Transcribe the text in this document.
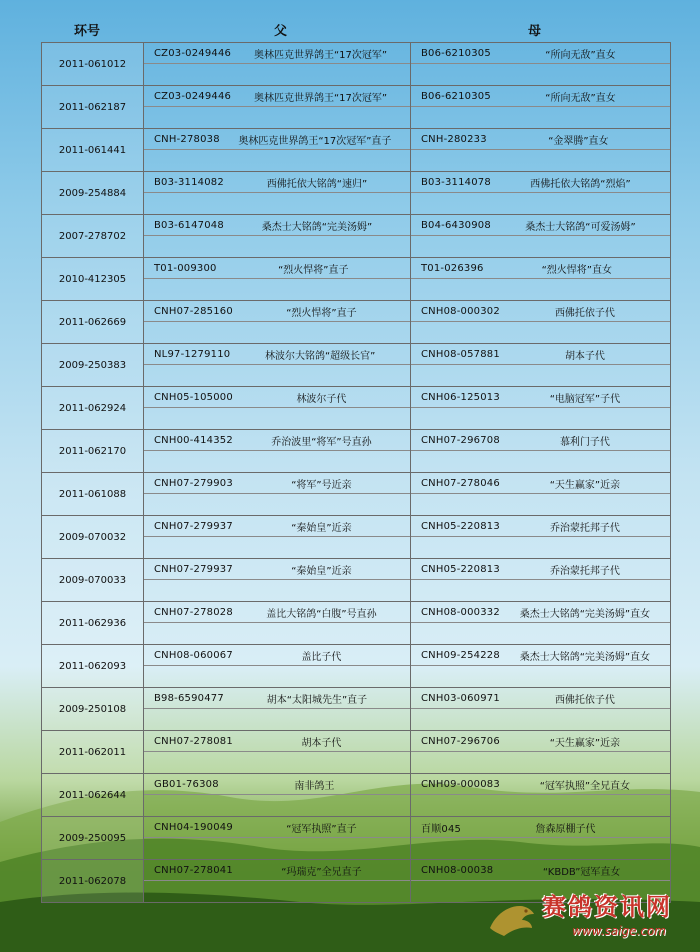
环号	父	母
2011-061012	CZ03-0249446 奥林匹克世界鸽王“17次冠军”	B06-6210305 “所向无敌”直女

2011-062187	CZ03-0249446 奥林匹克世界鸽王“17次冠军”	B06-6210305 “所向无敌”直女

2011-061441	CNH-278038 奥林匹克世界鸽王“17次冠军”直子	CNH-280233 “金翠腾”直女

2009-254884	B03-3114082 西佛托依大铭鸽“速归”	B03-3114078 西佛托依大铭鸽“烈焰”

2007-278702	B03-6147048 桑杰士大铭鸽“完美汤姆”	B04-6430908 桑杰士大铭鸽“可爱汤姆”

2010-412305	T01-009300 “烈火悍将”直子	T01-026396 “烈火悍将”直女

2011-062669	CNH07-285160 “烈火悍将”直子	CNH08-000302 西佛托依子代

2009-250383	NL97-1279110 林波尔大铭鸽“超级长官”	CNH08-057881 胡本子代

2011-062924	CNH05-105000 林波尔子代	CNH06-125013 “电脑冠军”子代

2011-062170	CNH00-414352 乔治波里“将军”号直孙	CNH07-296708 慕利门子代

2011-061088	CNH07-279903 “将军”号近亲	CNH07-278046 “天生赢家”近亲

2009-070032	CNH07-279937 “秦始皇”近亲	CNH05-220813 乔治蒙托邦子代

2009-070033	CNH07-279937 “秦始皇”近亲	CNH05-220813 乔治蒙托邦子代

2011-062936	CNH07-278028 盖比大铭鸽“白腹”号直孙	CNH08-000332 桑杰士大铭鸽“完美汤姆”直女

2011-062093	CNH08-060067 盖比子代	CNH09-254228 桑杰士大铭鸽“完美汤姆”直女

2009-250108	B98-6590477 胡本“太阳城先生”直子	CNH03-060971 西佛托依子代

2011-062011	CNH07-278081 胡本子代	CNH07-296706 “天生赢家”近亲

2011-062644	GB01-76308 南非鸽王	CNH09-000083 “冠军执照”全兄直女

2009-250095	CNH04-190049 “冠军执照”直子	百顺045 詹森原棚子代

2011-062078	CNH07-278041 “玛瑞克”全兄直子	CNH08-00038 “KBDB”冠军直女
赛鸽资讯网
www.saige.com
